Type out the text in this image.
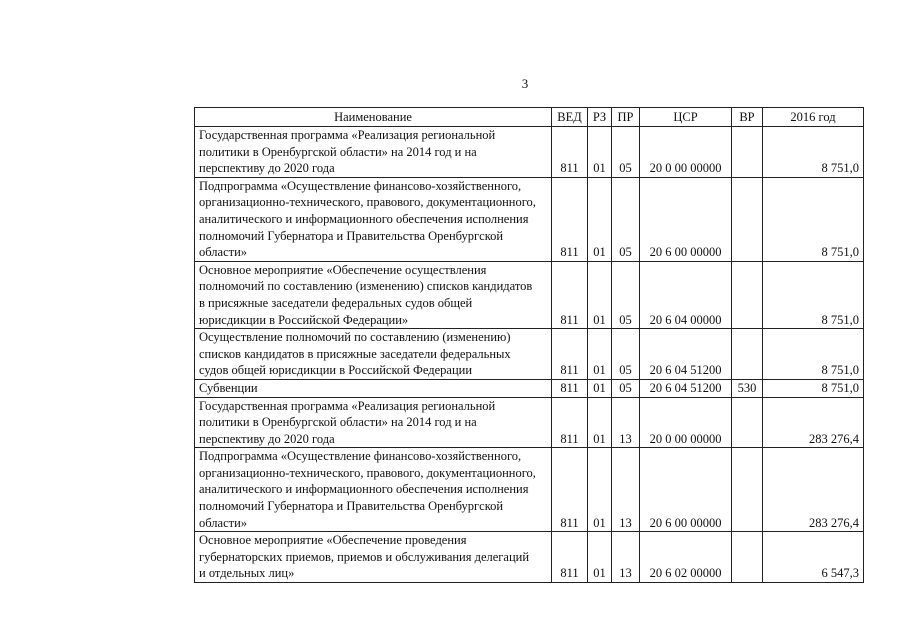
3
Наименование	ВЕД	РЗ	ПР	ЦСР	ВР	2016 год
Государственная программа «Реализация региональной
политики в Оренбургской области» на 2014 год и на
перспективу до 2020 года	811	01	05	20 0 00 00000		8 751,0
Подпрограмма «Осуществление финансово-хозяйственного,
организационно-технического, правового, документационного,
аналитического и информационного обеспечения исполнения
полномочий Губернатора и Правительства Оренбургской
области»	811	01	05	20 6 00 00000		8 751,0
Основное мероприятие «Обеспечение осуществления
полномочий по составлению (изменению) списков кандидатов
в присяжные заседатели федеральных судов общей
юрисдикции в Российской Федерации»	811	01	05	20 6 04 00000		8 751,0
Осуществление полномочий по составлению (изменению)
списков кандидатов в присяжные заседатели федеральных
судов общей юрисдикции в Российской Федерации	811	01	05	20 6 04 51200		8 751,0
Субвенции	811	01	05	20 6 04 51200	530	8 751,0
Государственная программа «Реализация региональной
политики в Оренбургской области» на 2014 год и на
перспективу до 2020 года	811	01	13	20 0 00 00000		283 276,4
Подпрограмма «Осуществление финансово-хозяйственного,
организационно-технического, правового, документационного,
аналитического и информационного обеспечения исполнения
полномочий Губернатора и Правительства Оренбургской
области»	811	01	13	20 6 00 00000		283 276,4
Основное мероприятие «Обеспечение проведения
губернаторских приемов, приемов и обслуживания делегаций
и отдельных лиц»	811	01	13	20 6 02 00000		6 547,3
